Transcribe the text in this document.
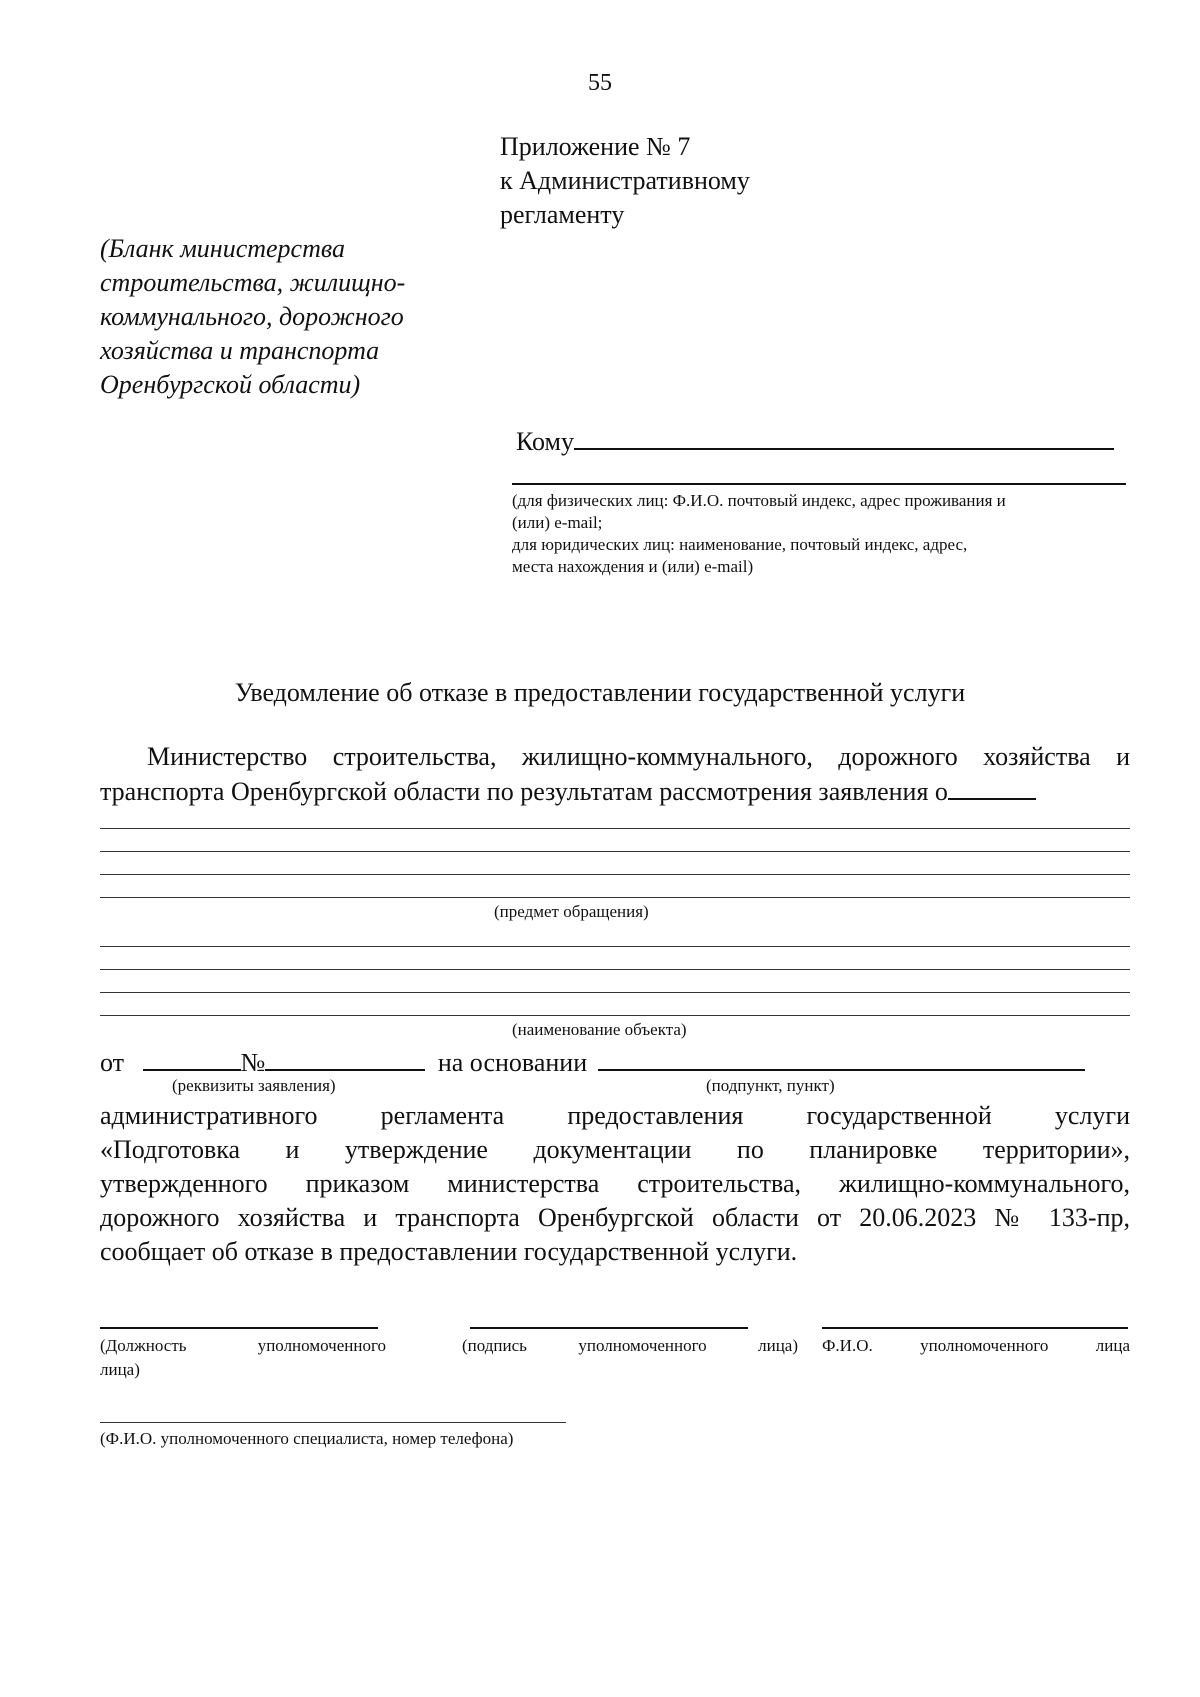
55
Приложение № 7
к Административному
регламенту
(Бланк министерства
строительства, жилищно-
коммунального, дорожного
хозяйства и транспорта
Оренбургской области)
Кому
(для физических лиц: Ф.И.О. почтовый индекс, адрес проживания и
(или) e-mail;
для юридических лиц: наименование, почтовый индекс, адрес,
места нахождения и (или) e-mail)
Уведомление об отказе в предоставлении государственной услуги
Министерство строительства, жилищно-коммунального, дорожного хозяйства и
транспорта Оренбургской области по результатам рассмотрения заявления о
(предмет обращения)
(наименование объекта)
от	№	на основании
(реквизиты заявления)	(подпункт, пункт)
административного регламента предоставления государственной услуги
«Подготовка и утверждение документации по планировке территории»,
утвержденного приказом министерства строительства, жилищно-коммунального,
дорожного хозяйства и транспорта Оренбургской области от 20.06.2023 № 133-пр,
сообщает об отказе в предоставлении государственной услуги.
(Должность уполномоченного
лица)
(подпись уполномоченного лица) Ф.И.О. уполномоченного лица
(Ф.И.О. уполномоченного специалиста, номер телефона)
